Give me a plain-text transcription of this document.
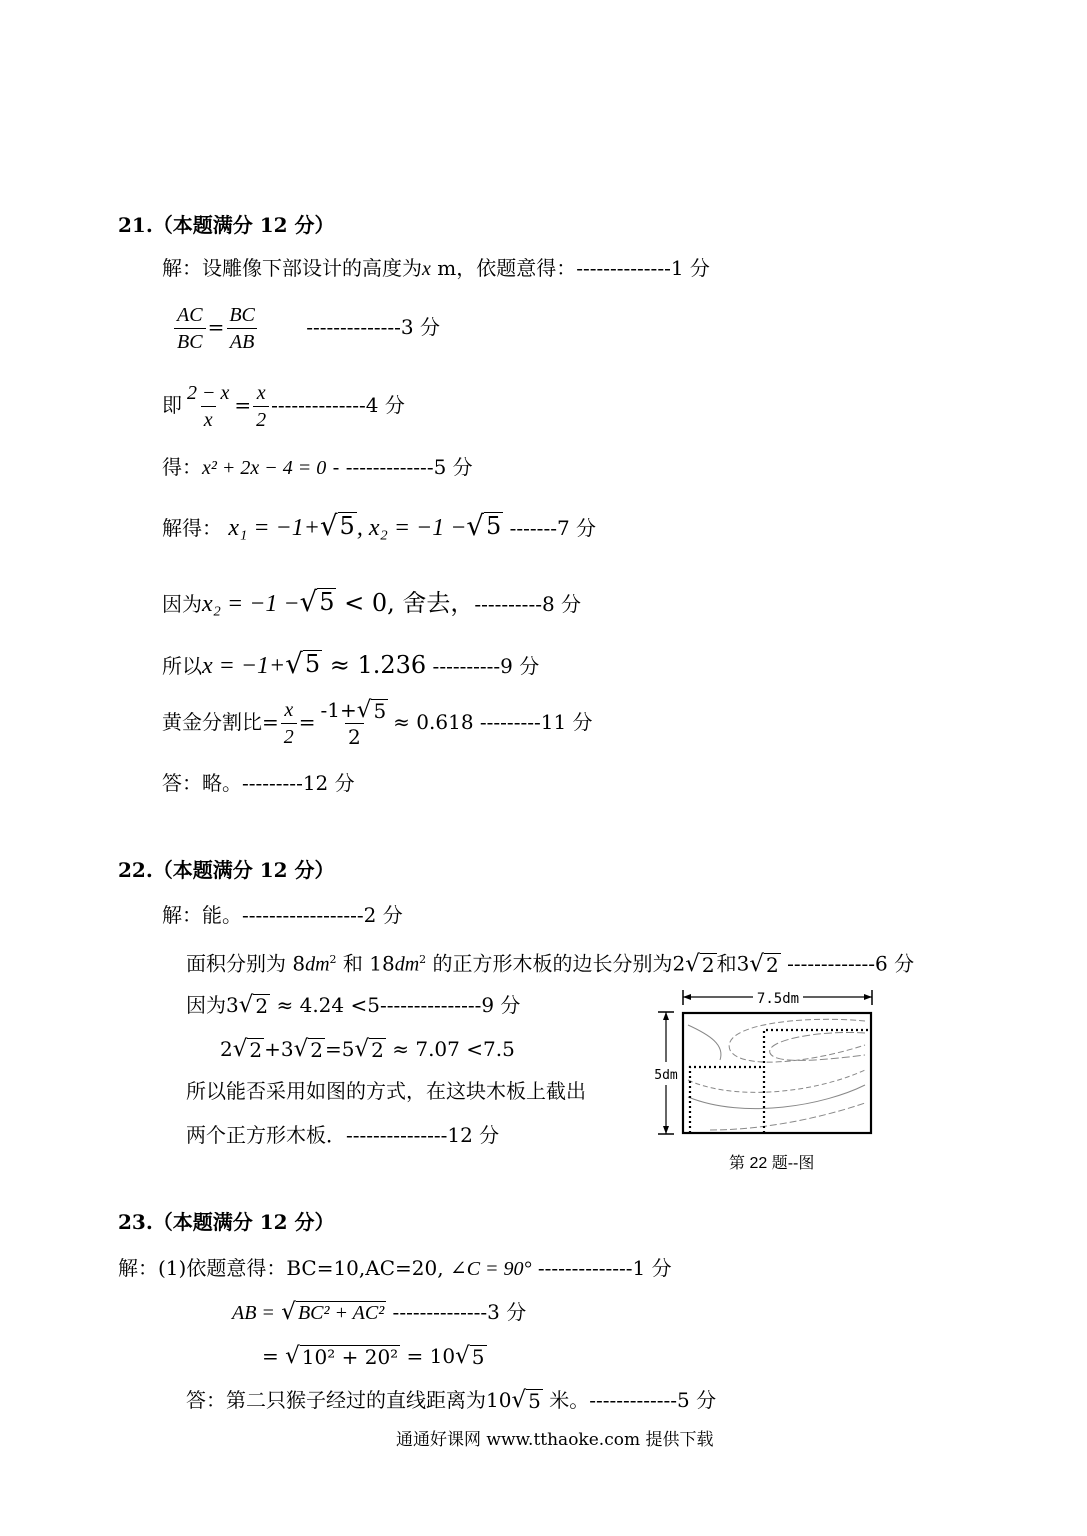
21.（本题满分 12 分）
解：设雕像下部设计的高度为x m，依题意得：--------------1 分
$\frac{AC}{BC} = \frac{BC}{AB} --------------3$ 分
即 $\frac{2 - x}{x} = \frac{x}{2} --------------4$ 分
得：x² + 2x − 4 = 0 - -------------5 分
解得： x₁ = −1+ √ 5 , x₂ = −1 − √ 5 -------7 分
因为x₂ = −1 − √ 5 < 0, 舍去，----------8 分
所以x = −1+ √ 5 ≈ 1.236 ----------9 分
黄金分割比= $\frac{x}{2} = \frac{-1+ √ 5}{2} \approx 0.618$ ---------11 分
答：略。---------12 分
22.（本题满分 12 分）
解：能。------------------2 分
面积分别为 $8dm^2$ 和 $18dm^2$ 的正方形木板的边长分别为2 √ 2 和3 √ 2 -------------6 分
因为3 √ 2 ≈ 4.24 <5---------------9 分
2 √ 2 +3 √ 2 =5 √ 2 ≈ 7.07 <7.5
所以能否采用如图的方式，在这块木板上截出
两个正方形木板．---------------12 分
7.5dm
5dm
第 22 题--图
23.（本题满分 12 分）
解：(1)依题意得：BC=10,AC=20, ∠C = 90° --------------1 分
AB = √ BC² + AC² --------------3 分
= √ 10² + 20² = 10 √ 5
答：第二只猴子经过的直线距离为10 √ 5 米。-------------5 分
通通好课网 www.tthaoke.com 提供下载
